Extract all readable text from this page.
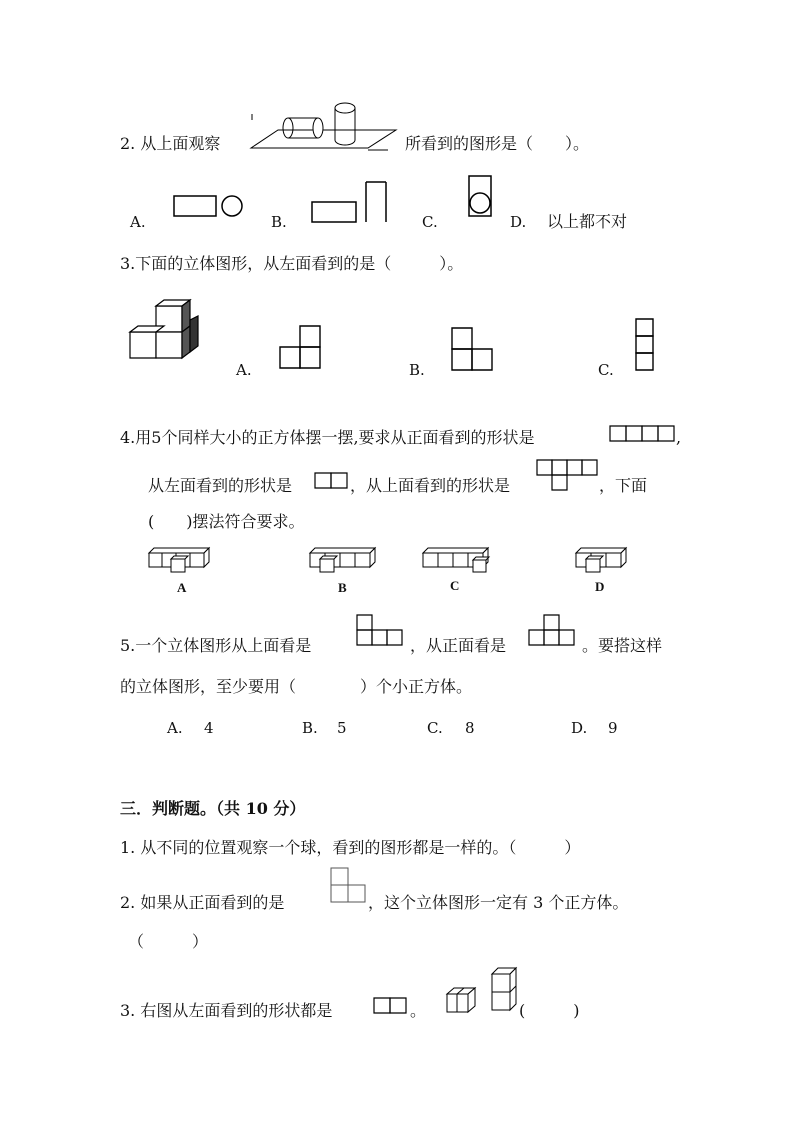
2. 从上面观察	所看到的图形是（　　）。
A.	B.	C.	D. 以上都不对
3.下面的立体图形，从左面看到的是（　　　）。
A.	B.	C.
4.用5个同样大小的正方体摆一摆,要求从正面看到的形状是	,
从左面看到的形状是	，从上面看到的形状是	，下面
(　　)摆法符合要求。
A	B	C	D
5.一个立体图形从上面看是	，从正面看是	。要搭这样
的立体图形，至少要用（　　　　）个小正方体。
A. 4	B. 5	C. 8	D. 9
三．判断题。（共 10 分）
1. 从不同的位置观察一个球，看到的图形都是一样的。（　　　）
2. 如果从正面看到的是	，这个立体图形一定有 3 个正方体。
（　　　）
3. 右图从左面看到的形状都是	。	(　　　)
